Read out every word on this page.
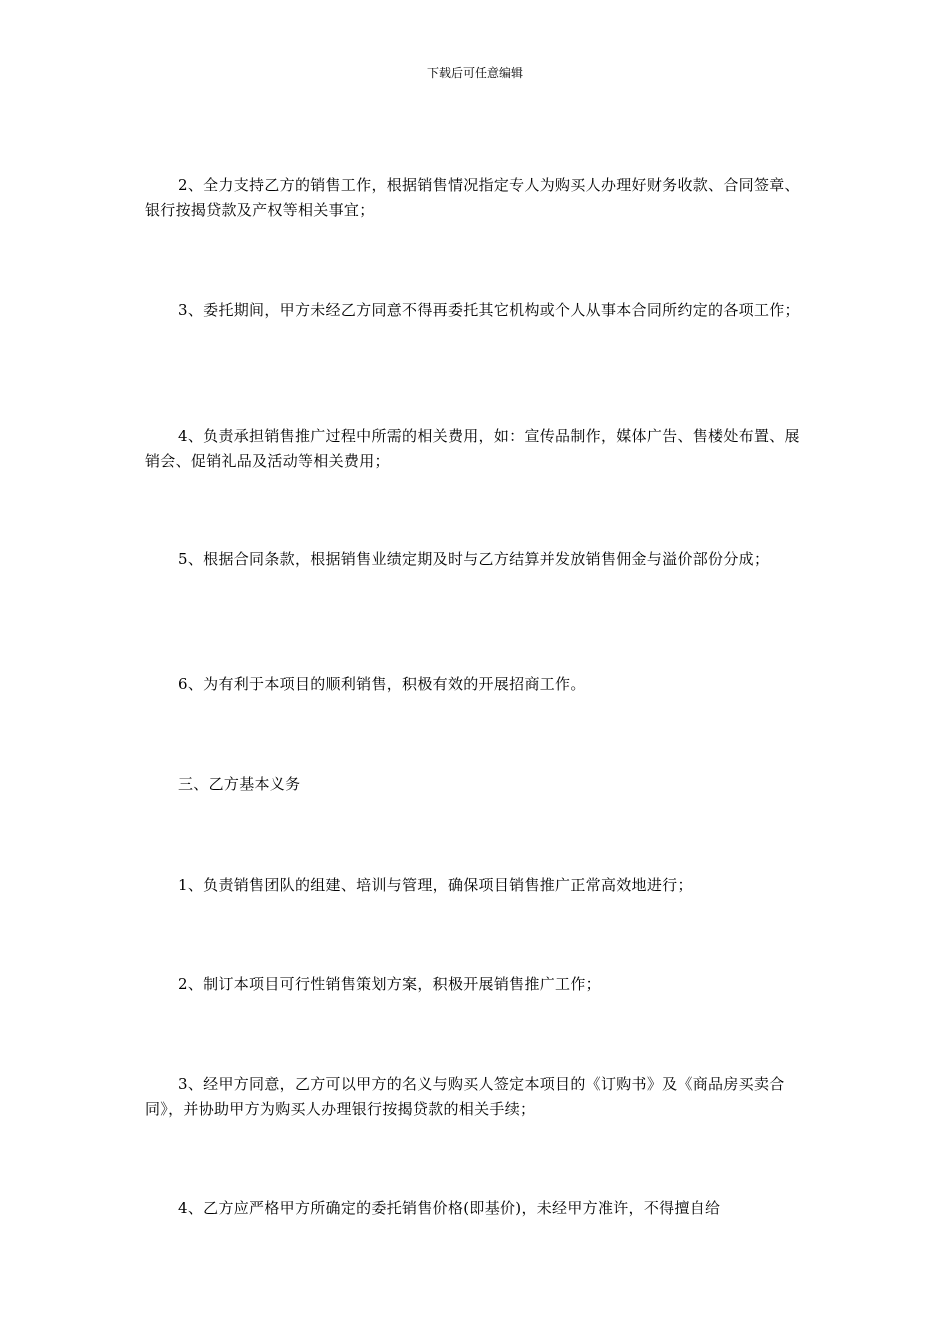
下载后可任意编辑

2、全力支持乙方的销售工作，根据销售情况指定专人为购买人办理好财务收款、合同签章、银行按揭贷款及产权等相关事宜；

3、委托期间，甲方未经乙方同意不得再委托其它机构或个人从事本合同所约定的各项工作；

4、负责承担销售推广过程中所需的相关费用，如：宣传品制作，媒体广告、售楼处布置、展销会、促销礼品及活动等相关费用；

5、根据合同条款，根据销售业绩定期及时与乙方结算并发放销售佣金与溢价部份分成；

6、为有利于本项目的顺利销售，积极有效的开展招商工作。

三、乙方基本义务

1、负责销售团队的组建、培训与管理，确保项目销售推广正常高效地进行；

2、制订本项目可行性销售策划方案，积极开展销售推广工作；

3、经甲方同意，乙方可以甲方的名义与购买人签定本项目的《订购书》及《商品房买卖合同》，并协助甲方为购买人办理银行按揭贷款的相关手续；

4、乙方应严格甲方所确定的委托销售价格(即基价)，未经甲方准许，不得擅自给
